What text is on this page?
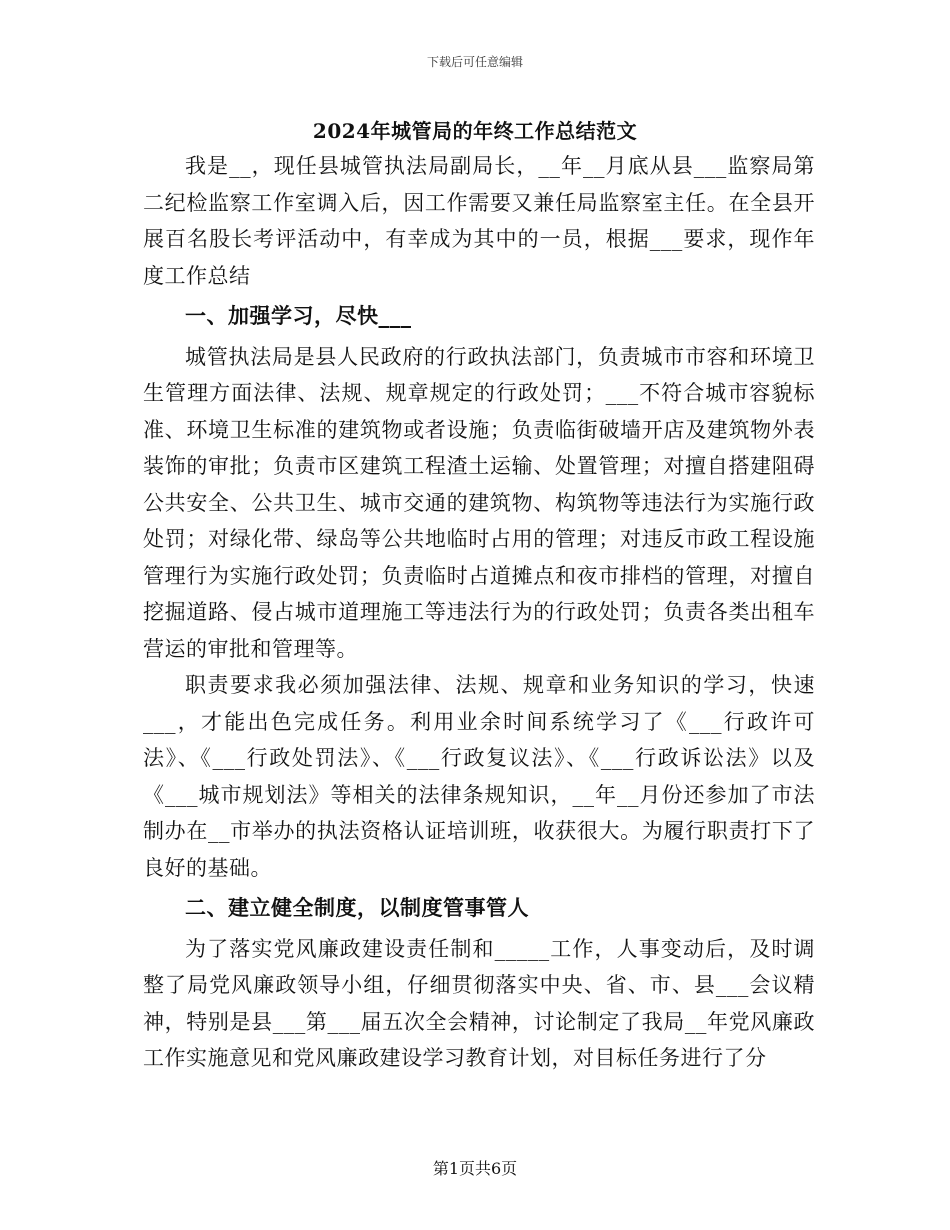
下载后可任意编辑
2024年城管局的年终工作总结范文

我是__，现任县城管执法局副局长，__年__月底从县___监察局第二纪检监察工作室调入后，因工作需要又兼任局监察室主任。在全县开展百名股长考评活动中，有幸成为其中的一员，根据___要求，现作年度工作总结

一、加强学习，尽快___

城管执法局是县人民政府的行政执法部门，负责城市市容和环境卫生管理方面法律、法规、规章规定的行政处罚；___不符合城市容貌标准、环境卫生标准的建筑物或者设施；负责临街破墙开店及建筑物外表装饰的审批；负责市区建筑工程渣土运输、处置管理；对擅自搭建阻碍公共安全、公共卫生、城市交通的建筑物、构筑物等违法行为实施行政处罚；对绿化带、绿岛等公共地临时占用的管理；对违反市政工程设施管理行为实施行政处罚；负责临时占道摊点和夜市排档的管理，对擅自挖掘道路、侵占城市道理施工等违法行为的行政处罚；负责各类出租车营运的审批和管理等。

职责要求我必须加强法律、法规、规章和业务知识的学习，快速___，才能出色完成任务。利用业余时间系统学习了《___行政许可法》、《___行政处罚法》、《___行政复议法》、《___行政诉讼法》以及《___城市规划法》等相关的法律条规知识，__年__月份还参加了市法制办在__市举办的执法资格认证培训班，收获很大。为履行职责打下了良好的基础。

二、建立健全制度，以制度管事管人

为了落实党风廉政建设责任制和_____工作，人事变动后，及时调整了局党风廉政领导小组，仔细贯彻落实中央、省、市、县___会议精神，特别是县___第___届五次全会精神，讨论制定了我局__年党风廉政工作实施意见和党风廉政建设学习教育计划，对目标任务进行了分

第1页共6页
